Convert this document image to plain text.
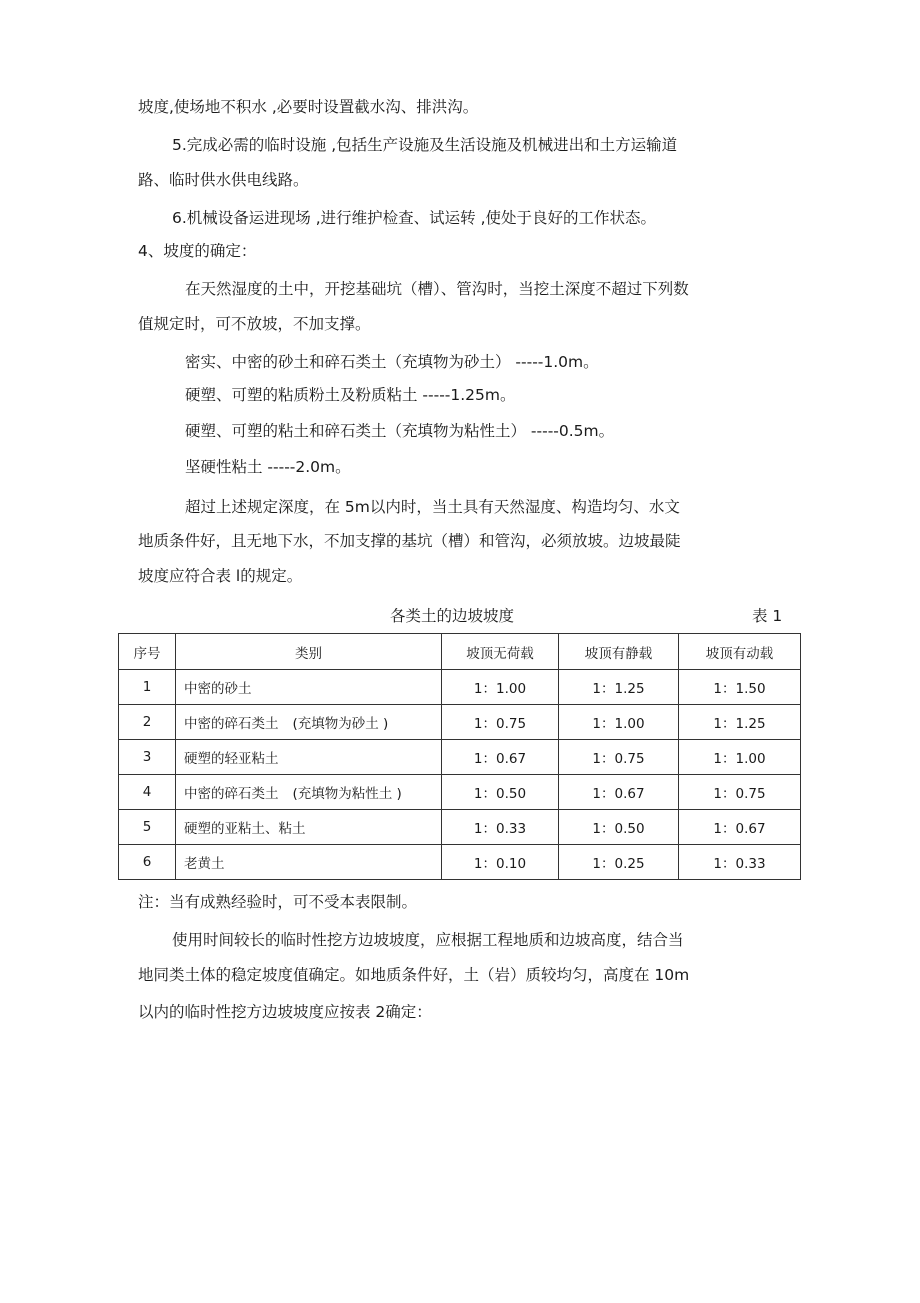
坡度,使场地不积水 ,必要时设置截水沟、排洪沟。
5.完成必需的临时设施 ,包括生产设施及生活设施及机械进出和土方运输道
路、临时供水供电线路。
6.机械设备运进现场 ,进行维护检查、试运转 ,使处于良好的工作状态。
4、坡度的确定：
在天然湿度的土中，开挖基础坑（槽）、管沟时，当挖土深度不超过下列数
值规定时，可不放坡，不加支撑。
密实、中密的砂土和碎石类土（充填物为砂土） -----1.0m。
硬塑、可塑的粘质粉土及粉质粘土 -----1.25m。
硬塑、可塑的粘土和碎石类土（充填物为粘性土） -----0.5m。
坚硬性粘土 -----2.0m。
超过上述规定深度，在 5m以内时，当土具有天然湿度、构造均匀、水文
地质条件好，且无地下水，不加支撑的基坑（槽）和管沟，必须放坡。边坡最陡
坡度应符合表 l的规定。
各类土的边坡坡度	表 1
序号	类别	坡顶无荷载	坡顶有静载	坡顶有动载
1	中密的砂土	1：1.00	1：1.25	1：1.50
2	中密的碎石类土 (充填物为砂土 )	1：0.75	1：1.00	1：1.25
3	硬塑的轻亚粘土	1：0.67	1：0.75	1：1.00
4	中密的碎石类土 (充填物为粘性土 )	1：0.50	1：0.67	1：0.75
5	硬塑的亚粘土、粘土	1：0.33	1：0.50	1：0.67
6	老黄土	1：0.10	1：0.25	1：0.33
注：当有成熟经验时，可不受本表限制。
使用时间较长的临时性挖方边坡坡度，应根据工程地质和边坡高度，结合当
地同类土体的稳定坡度值确定。如地质条件好，土（岩）质较均匀，高度在 10m
以内的临时性挖方边坡坡度应按表 2确定：
